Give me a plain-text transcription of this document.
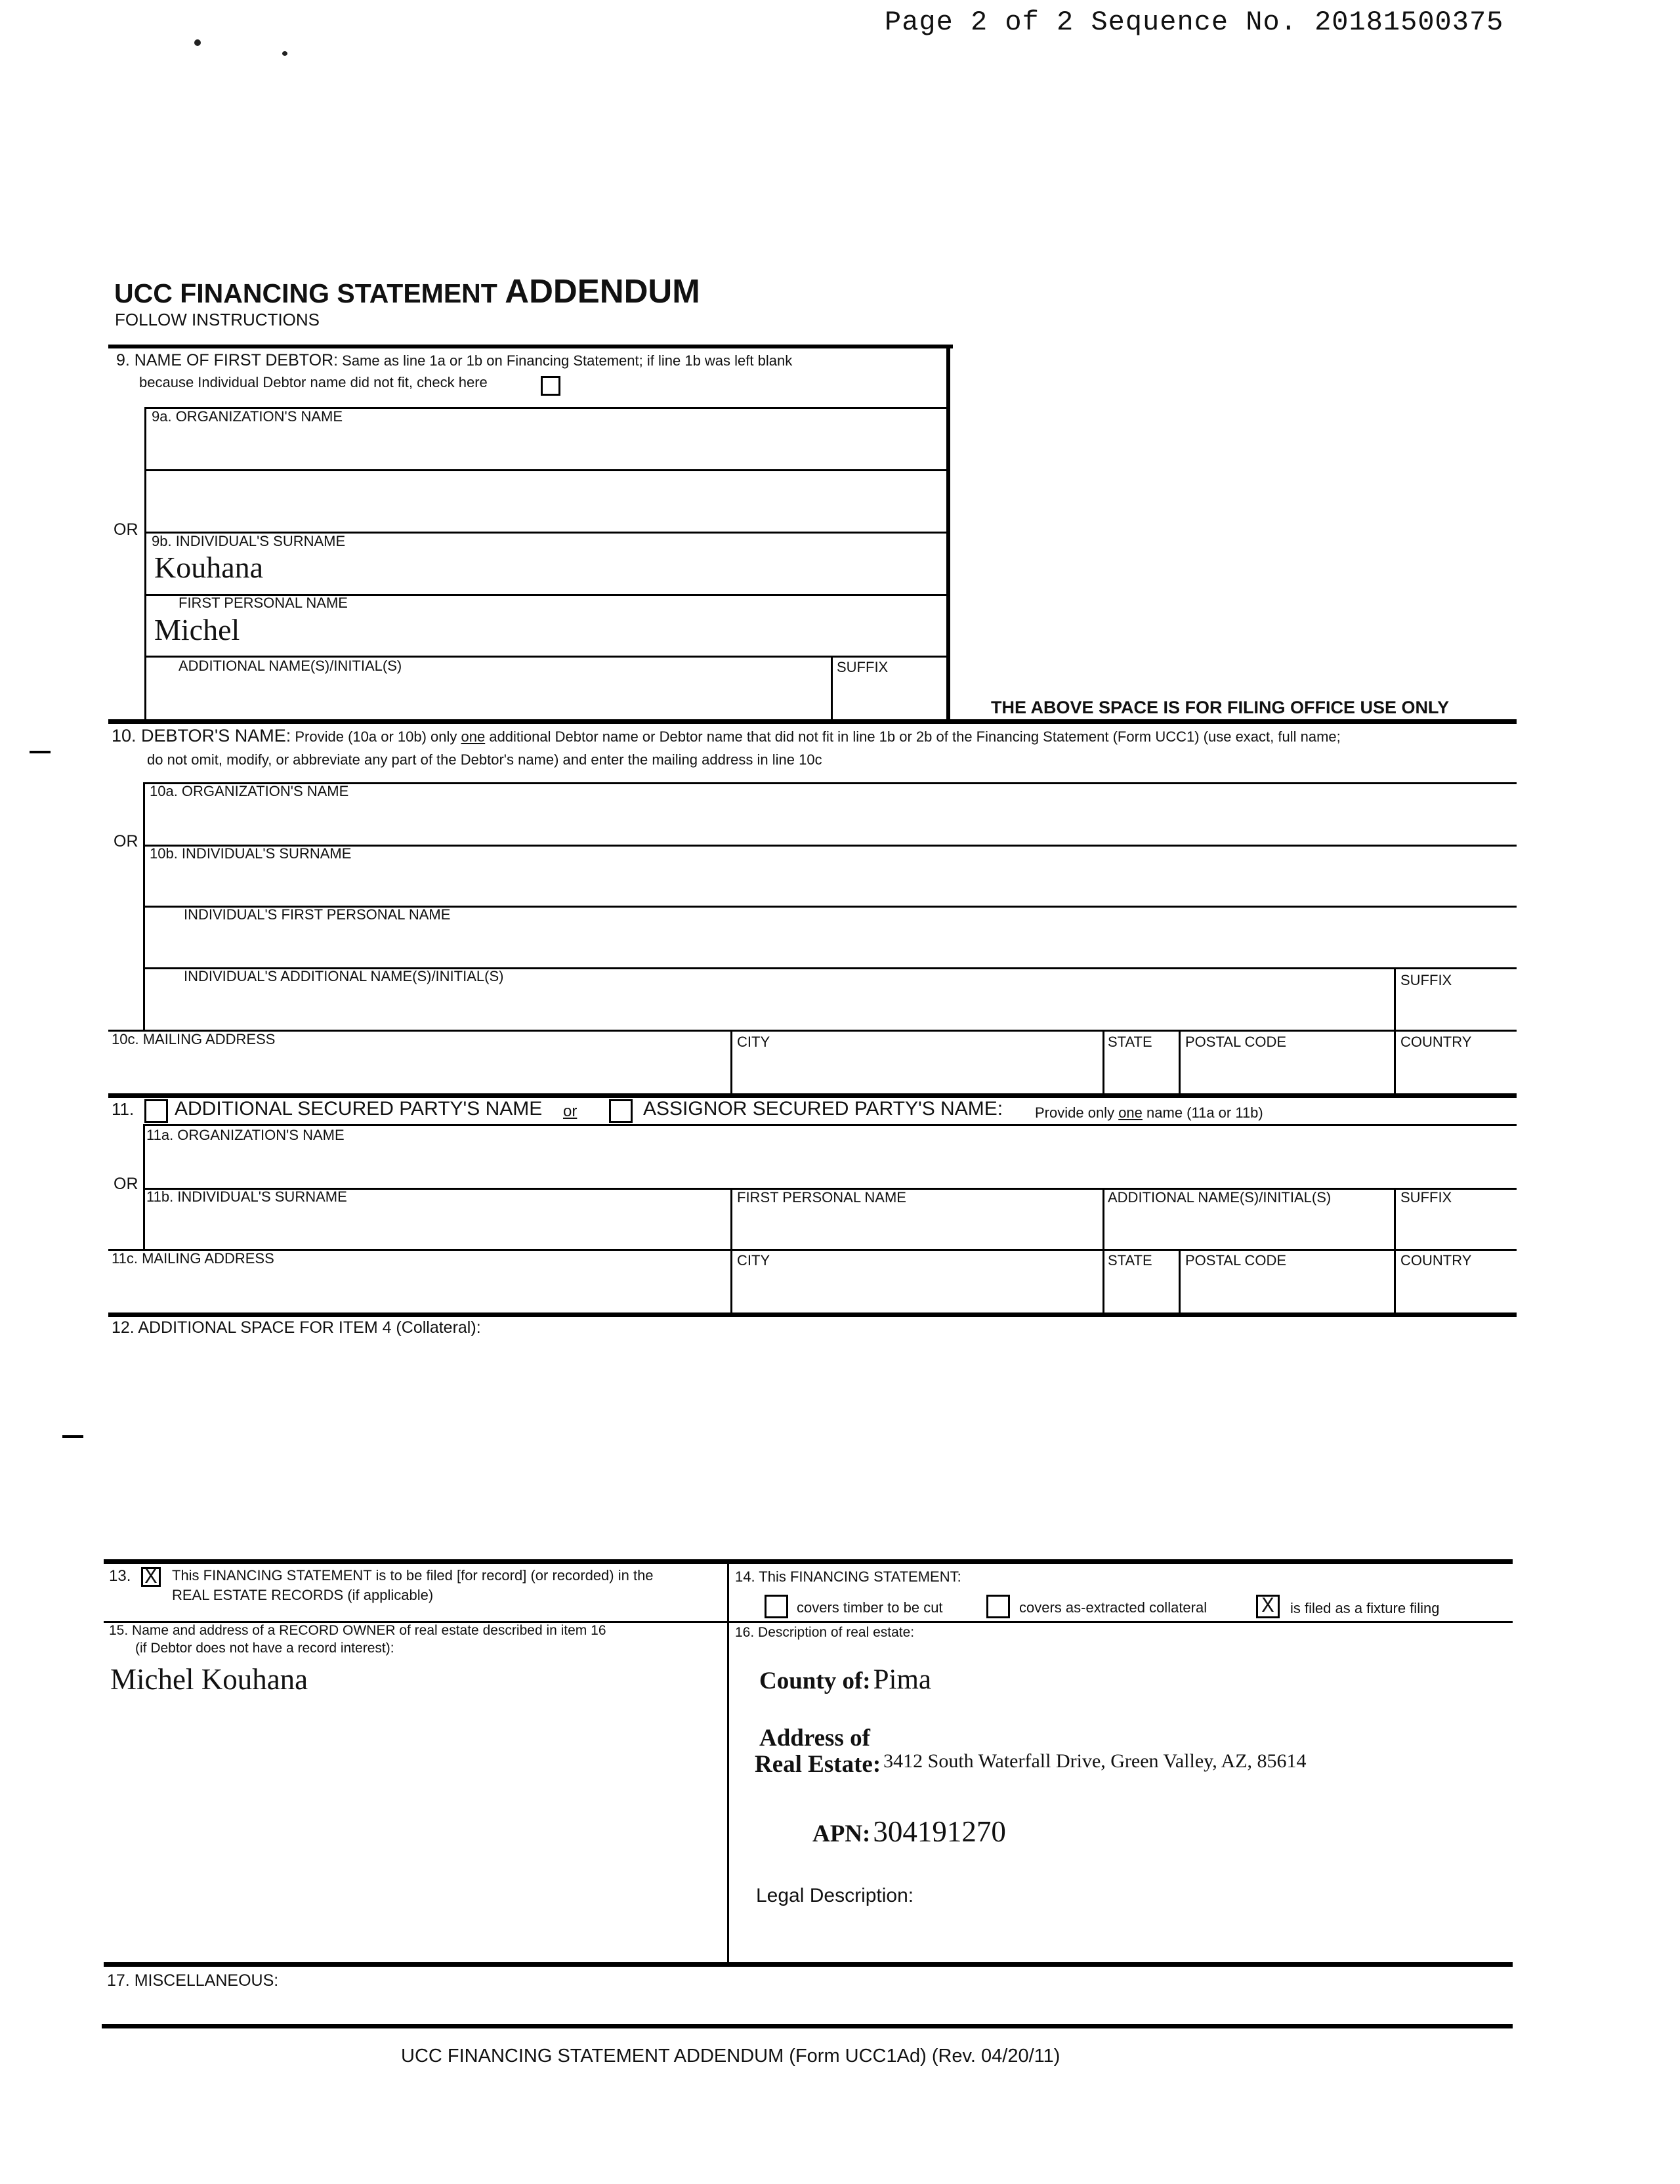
Page 2 of 2 Sequence No. 20181500375
UCC FINANCING STATEMENT ADDENDUM
FOLLOW INSTRUCTIONS
9. NAME OF FIRST DEBTOR: Same as line 1a or 1b on Financing Statement; if line 1b was left blank
because Individual Debtor name did not fit, check here
9a. ORGANIZATION'S NAME
OR
9b. INDIVIDUAL'S SURNAME
Kouhana
FIRST PERSONAL NAME
Michel
ADDITIONAL NAME(S)/INITIAL(S)	SUFFIX
THE ABOVE SPACE IS FOR FILING OFFICE USE ONLY
10. DEBTOR'S NAME: Provide (10a or 10b) only one additional Debtor name or Debtor name that did not fit in line 1b or 2b of the Financing Statement (Form UCC1) (use exact, full name;
do not omit, modify, or abbreviate any part of the Debtor's name) and enter the mailing address in line 10c
10a. ORGANIZATION'S NAME
OR
10b. INDIVIDUAL'S SURNAME
INDIVIDUAL'S FIRST PERSONAL NAME
INDIVIDUAL'S ADDITIONAL NAME(S)/INITIAL(S)	SUFFIX
10c. MAILING ADDRESS	CITY	STATE POSTAL CODE	COUNTRY
11. ADDITIONAL SECURED PARTY'S NAME or	ASSIGNOR SECURED PARTY'S NAME: Provide only one name (11a or 11b)
11a. ORGANIZATION'S NAME
OR
11b. INDIVIDUAL'S SURNAME	FIRST PERSONAL NAME	ADDITIONAL NAME(S)/INITIAL(S)	SUFFIX
11c. MAILING ADDRESS	CITY	STATE POSTAL CODE	COUNTRY
12. ADDITIONAL SPACE FOR ITEM 4 (Collateral):
13. X This FINANCING STATEMENT is to be filed [for record] (or recorded) in the
REAL ESTATE RECORDS (if applicable)
14. This FINANCING STATEMENT:
covers timber to be cut	covers as-extracted collateral	X	is filed as a fixture filing
15. Name and address of a RECORD OWNER of real estate described in item 16
(if Debtor does not have a record interest):
Michel Kouhana
16. Description of real estate:
County of: Pima
Address of
Real Estate: 3412 South Waterfall Drive, Green Valley, AZ, 85614
APN: 304191270
Legal Description:
17. MISCELLANEOUS:
UCC FINANCING STATEMENT ADDENDUM (Form UCC1Ad) (Rev. 04/20/11)
